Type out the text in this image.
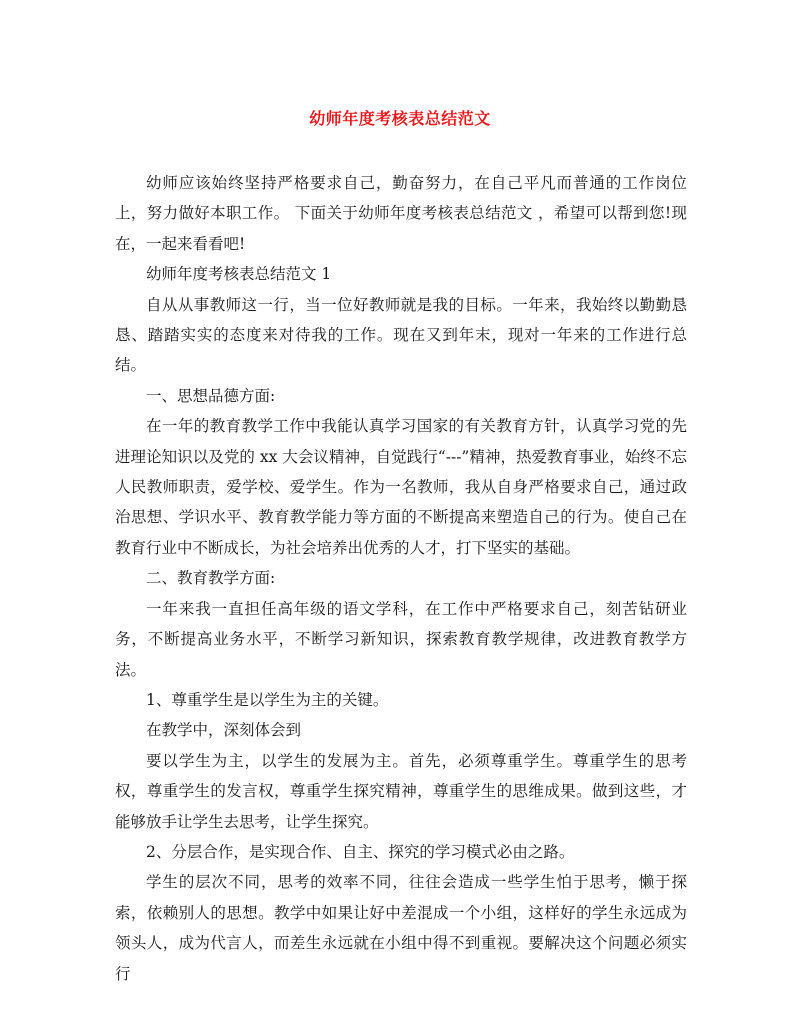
幼师年度考核表总结范文

幼师应该始终坚持严格要求自己，勤奋努力，在自己平凡而普通的工作岗位上，努力做好本职工作。 下面关于幼师年度考核表总结范文 ，希望可以帮到您!现在，一起来看看吧!

幼师年度考核表总结范文 1

自从从事教师这一行，当一位好教师就是我的目标。一年来，我始终以勤勤恳恳、踏踏实实的态度来对待我的工作。现在又到年末，现对一年来的工作进行总结。

一、思想品德方面:

在一年的教育教学工作中我能认真学习国家的有关教育方针，认真学习党的先进理论知识以及党的 xx 大会议精神，自觉践行“---”精神，热爱教育事业，始终不忘人民教师职责，爱学校、爱学生。作为一名教师，我从自身严格要求自己，通过政治思想、学识水平、教育教学能力等方面的不断提高来塑造自己的行为。使自己在教育行业中不断成长，为社会培养出优秀的人才，打下坚实的基础。

二、教育教学方面:

一年来我一直担任高年级的语文学科，在工作中严格要求自己，刻苦钻研业务，不断提高业务水平，不断学习新知识，探索教育教学规律，改进教育教学方法。

1、尊重学生是以学生为主的关键。

在教学中，深刻体会到

要以学生为主，以学生的发展为主。首先，必须尊重学生。尊重学生的思考权，尊重学生的发言权，尊重学生探究精神，尊重学生的思维成果。做到这些，才能够放手让学生去思考，让学生探究。

2、分层合作，是实现合作、自主、探究的学习模式必由之路。

学生的层次不同，思考的效率不同，往往会造成一些学生怕于思考，懒于探索，依赖别人的思想。教学中如果让好中差混成一个小组，这样好的学生永远成为领头人，成为代言人，而差生永远就在小组中得不到重视。要解决这个问题必须实行
